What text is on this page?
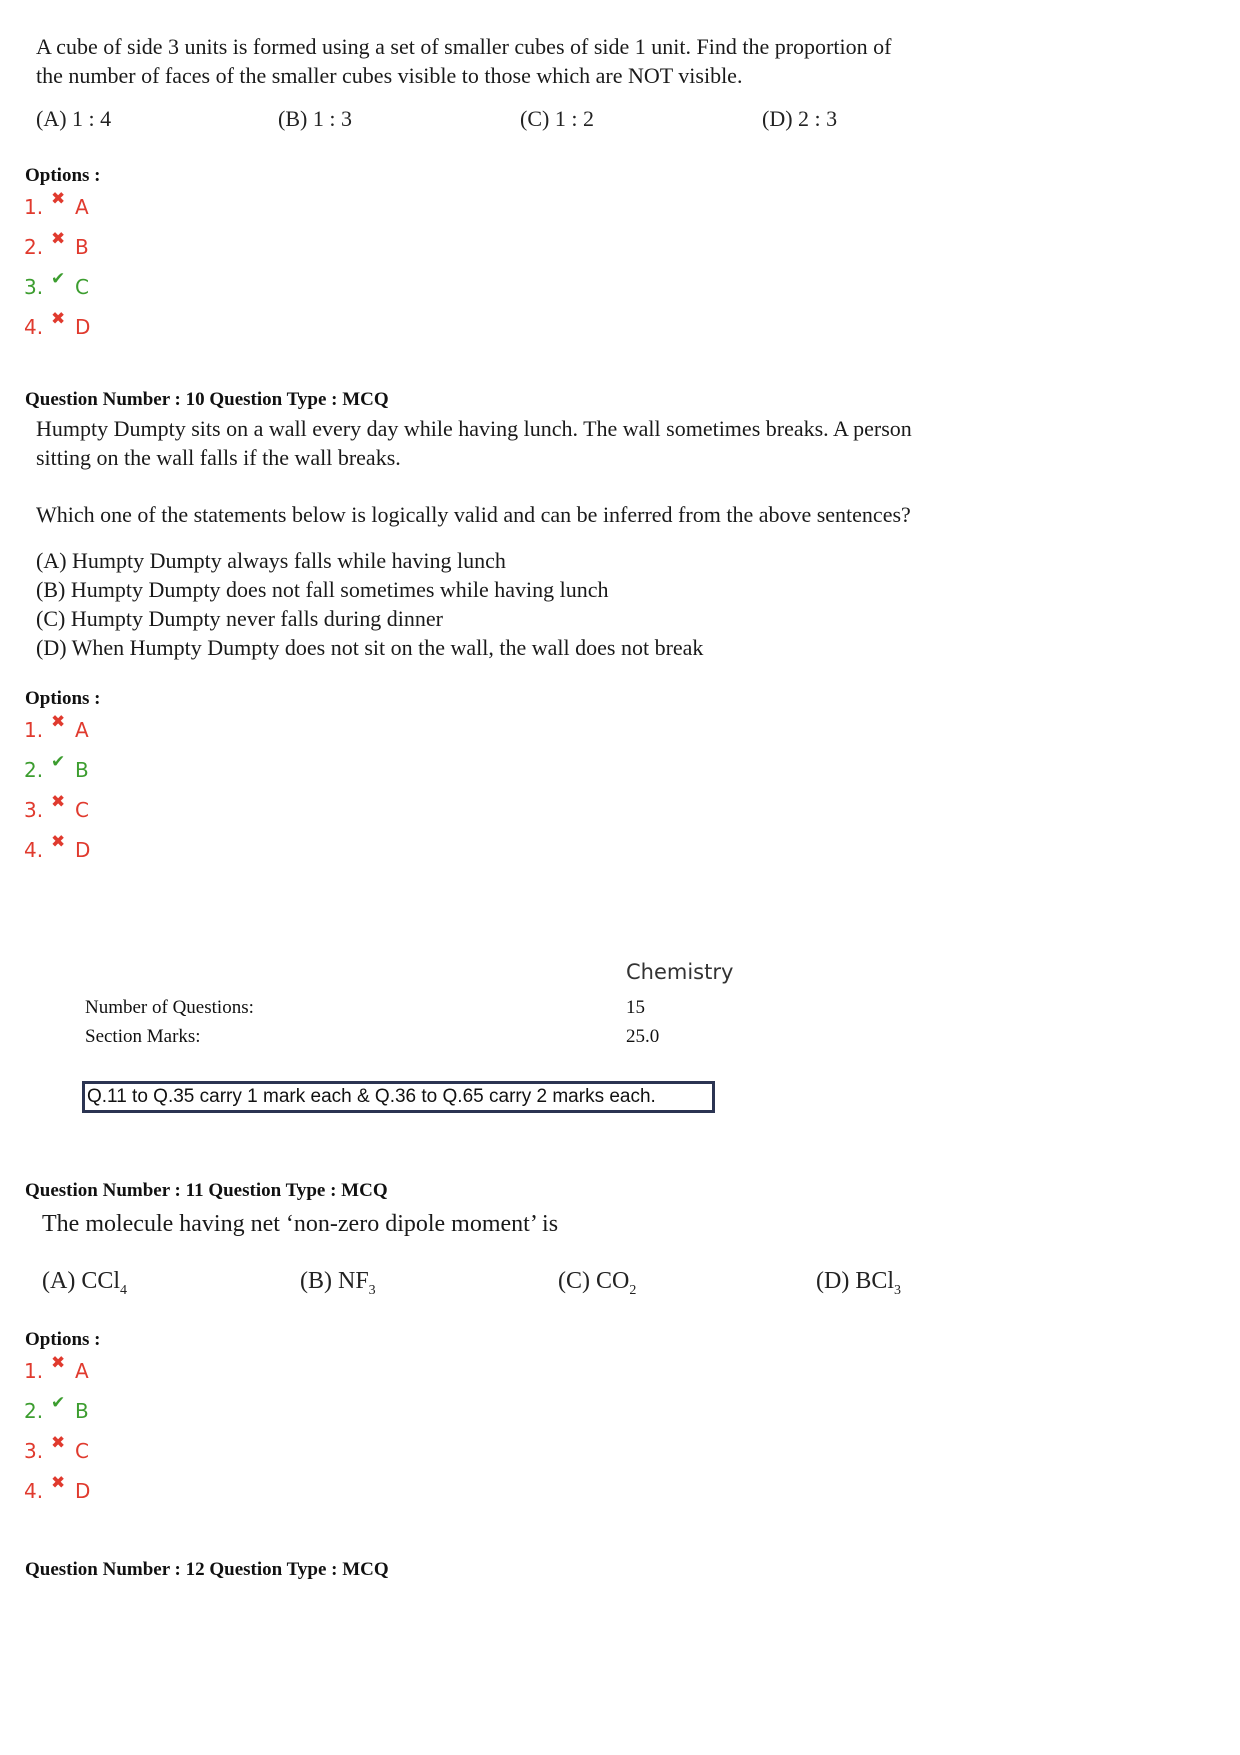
A cube of side 3 units is formed using a set of smaller cubes of side 1 unit. Find the proportion of
the number of faces of the smaller cubes visible to those which are NOT visible.
(A) 1 : 4	(B) 1 : 3	(C) 1 : 2	(D) 2 : 3
Options :
1. ✖ A
2. ✖ B
3. ✔ C
4. ✖ D
Question Number : 10 Question Type : MCQ
Humpty Dumpty sits on a wall every day while having lunch. The wall sometimes breaks. A person
sitting on the wall falls if the wall breaks.
Which one of the statements below is logically valid and can be inferred from the above sentences?
(A) Humpty Dumpty always falls while having lunch
(B) Humpty Dumpty does not fall sometimes while having lunch
(C) Humpty Dumpty never falls during dinner
(D) When Humpty Dumpty does not sit on the wall, the wall does not break
Options :
1. ✖ A
2. ✔ B
3. ✖ C
4. ✖ D
Chemistry
Number of Questions:	15
Section Marks:	25.0
Q.11 to Q.35 carry 1 mark each & Q.36 to Q.65 carry 2 marks each.
Question Number : 11 Question Type : MCQ
The molecule having net ‘non-zero dipole moment’ is
(A) CCl$_4$	(B) $NF_3$	(C) $CO_2$	(D) BCl$_3$
Options :
1. ✖ A
2. ✔ B
3. ✖ C
4. ✖ D
Question Number : 12 Question Type : MCQ
